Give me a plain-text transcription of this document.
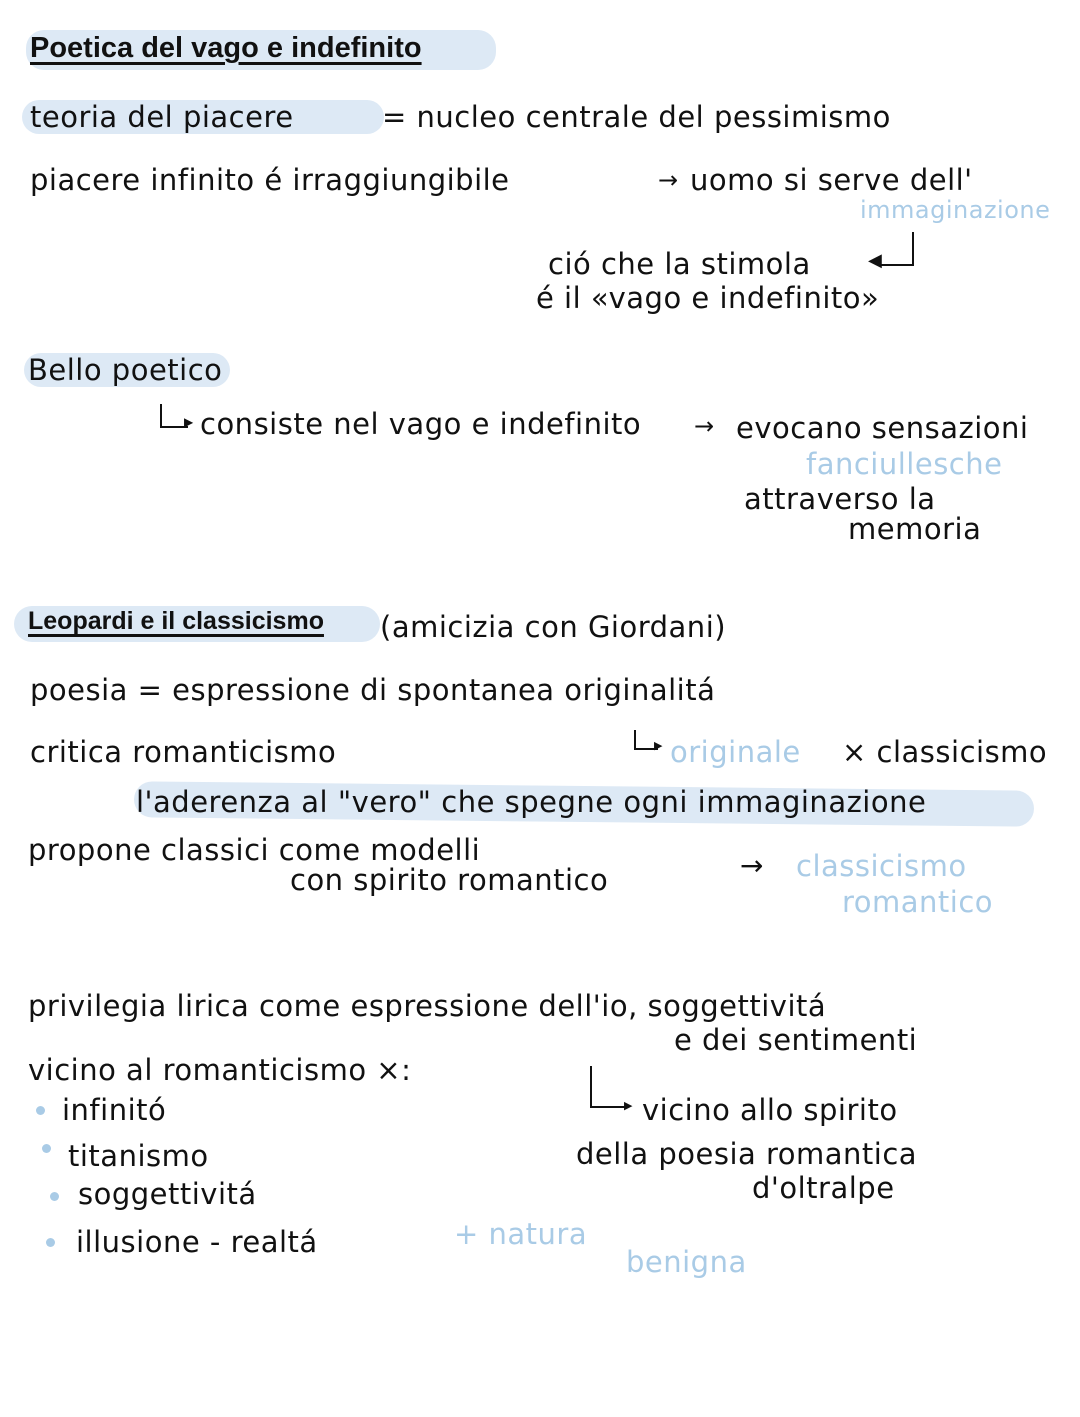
Poetica del vago e indefinito
teoria del piacere	= nucleo centrale del pessimismo
piacere infinito é irraggiungibile	→ uomo si serve dell'
immaginazione
◀
ció che la stimola
é il «vago e indefinito»
Bello poetico
▶ consiste nel vago e indefinito → evocano sensazioni
fanciullesche
attraverso la
memoria
Leopardi e il classicismo (amicizia con Giordani)
poesia = espressione di spontanea originalitá
critica romanticismo	▶ originale × classicismo
l'aderenza al "vero" che spegne ogni immaginazione
propone classici come modelli
con spirito romantico	→ classicismo
romantico
privilegia lirica come espressione dell'io, soggettivitá
e dei sentimenti
vicino al romanticismo ×:
infinitó
titanismo
soggettivitá
illusione - realtá	+ natura
benigna
▶ vicino allo spirito
della poesia romantica
d'oltralpe
